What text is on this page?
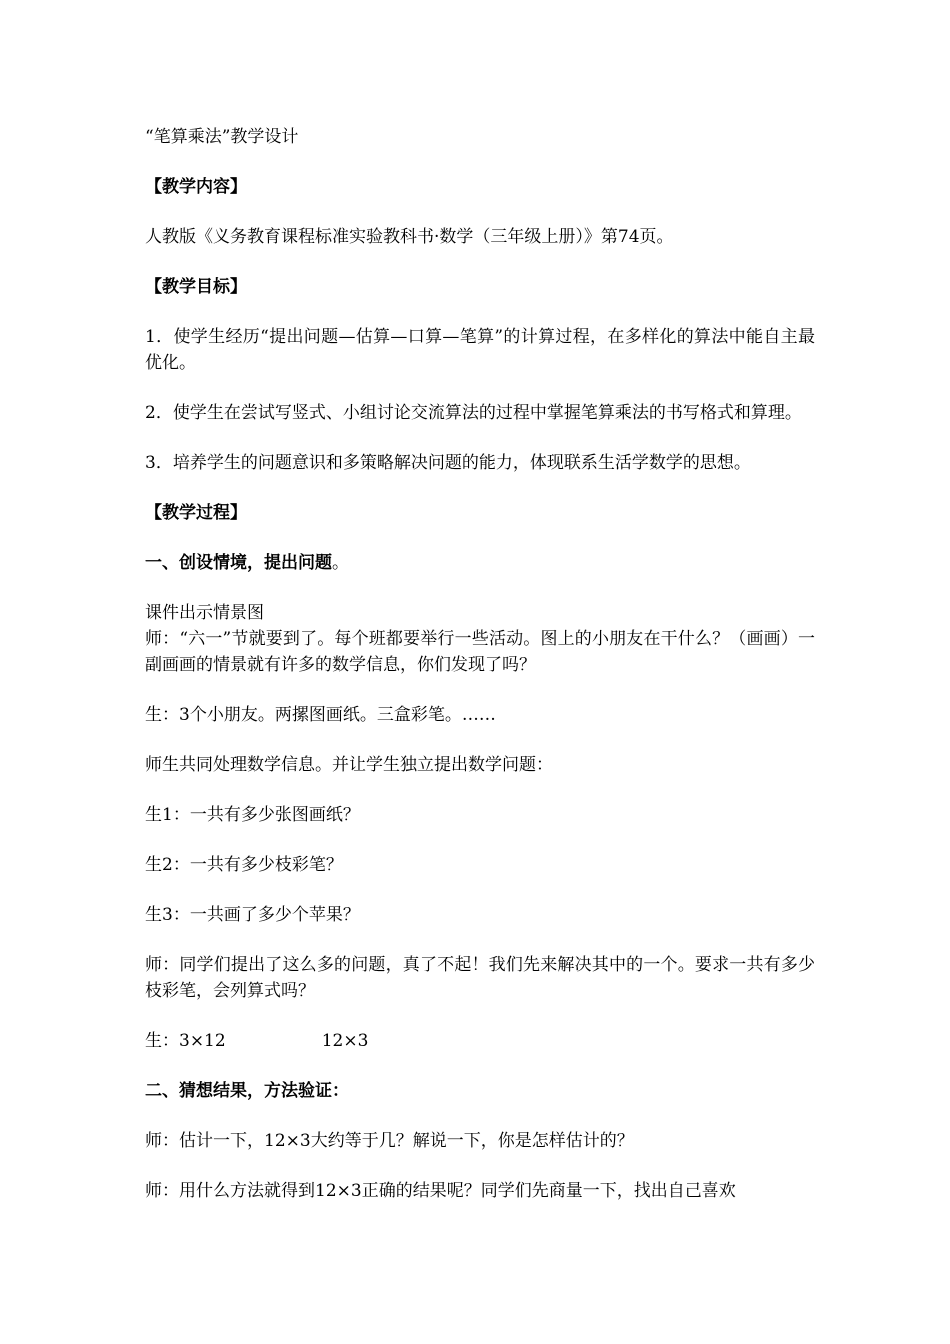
“笔算乘法”教学设计

【教学内容】

人教版《义务教育课程标准实验教科书·数学（三年级上册）》第74页。

【教学目标】

1．使学生经历“提出问题—估算—口算—笔算”的计算过程，在多样化的算法中能自主最优化。

2．使学生在尝试写竖式、小组讨论交流算法的过程中掌握笔算乘法的书写格式和算理。

3．培养学生的问题意识和多策略解决问题的能力，体现联系生活学数学的思想。

【教学过程】

一、创设情境，提出问题。

课件出示情景图

师：“六一”节就要到了。每个班都要举行一些活动。图上的小朋友在干什么？（画画）一副画画的情景就有许多的数学信息，你们发现了吗？

生：3个小朋友。两摞图画纸。三盒彩笔。……

师生共同处理数学信息。并让学生独立提出数学问题：

生1：一共有多少张图画纸？

生2：一共有多少枝彩笔？

生3：一共画了多少个苹果？

师：同学们提出了这么多的问题，真了不起！我们先来解决其中的一个。要求一共有多少枝彩笔，会列算式吗？

生：3×12	12×3

二、猜想结果，方法验证：

师：估计一下，12×3大约等于几？解说一下，你是怎样估计的？

师：用什么方法就得到12×3正确的结果呢？同学们先商量一下，找出自己喜欢
